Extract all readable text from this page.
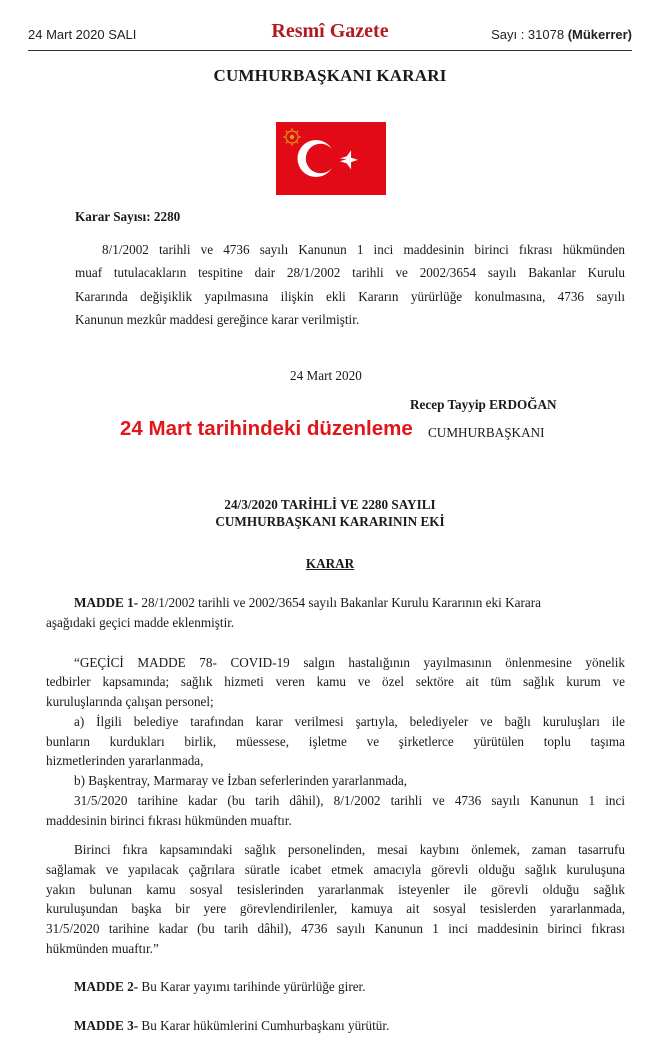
24 Mart 2020 SALI	Resmî Gazete	Sayı : 31078 (Mükerrer)
CUMHURBAŞKANI KARARI
Karar Sayısı: 2280
8/1/2002 tarihli ve 4736 sayılı Kanunun 1 inci maddesinin birinci fıkrası hükmünden
muaf tutulacakların tespitine dair 28/1/2002 tarihli ve 2002/3654 sayılı Bakanlar Kurulu
Kararında değişiklik yapılmasına ilişkin ekli Kararın yürürlüğe konulmasına, 4736 sayılı
Kanunun mezkûr maddesi gereğince karar verilmiştir.
24 Mart 2020
Recep Tayyip ERDOĞAN
CUMHURBAŞKANI
24 Mart tarihindeki düzenleme
24/3/2020 TARİHLİ VE 2280 SAYILI
CUMHURBAŞKANI KARARININ EKİ
KARAR
MADDE 1- 28/1/2002 tarihli ve 2002/3654 sayılı Bakanlar Kurulu Kararının eki Karara
aşağıdaki geçici madde eklenmiştir.
“GEÇİCİ MADDE 78- COVID-19 salgın hastalığının yayılmasının önlenmesine yönelik
tedbirler kapsamında; sağlık hizmeti veren kamu ve özel sektöre ait tüm sağlık kurum ve
kuruluşlarında çalışan personel;
a) İlgili belediye tarafından karar verilmesi şartıyla, belediyeler ve bağlı kuruluşları ile
bunların kurdukları birlik, müessese, işletme ve şirketlerce yürütülen toplu taşıma
hizmetlerinden yararlanmada,
b) Başkentray, Marmaray ve İzban seferlerinden yararlanmada,
31/5/2020 tarihine kadar (bu tarih dâhil), 8/1/2002 tarihli ve 4736 sayılı Kanunun 1 inci
maddesinin birinci fıkrası hükmünden muaftır.
Birinci fıkra kapsamındaki sağlık personelinden, mesai kaybını önlemek, zaman tasarrufu
sağlamak ve yapılacak çağrılara süratle icabet etmek amacıyla görevli olduğu sağlık kuruluşuna
yakın bulunan kamu sosyal tesislerinden yararlanmak isteyenler ile görevli olduğu sağlık
kuruluşundan başka bir yere görevlendirilenler, kamuya ait sosyal tesislerden yararlanmada,
31/5/2020 tarihine kadar (bu tarih dâhil), 4736 sayılı Kanunun 1 inci maddesinin birinci fıkrası
hükmünden muaftır.”
MADDE 2- Bu Karar yayımı tarihinde yürürlüğe girer.
MADDE 3- Bu Karar hükümlerini Cumhurbaşkanı yürütür.
